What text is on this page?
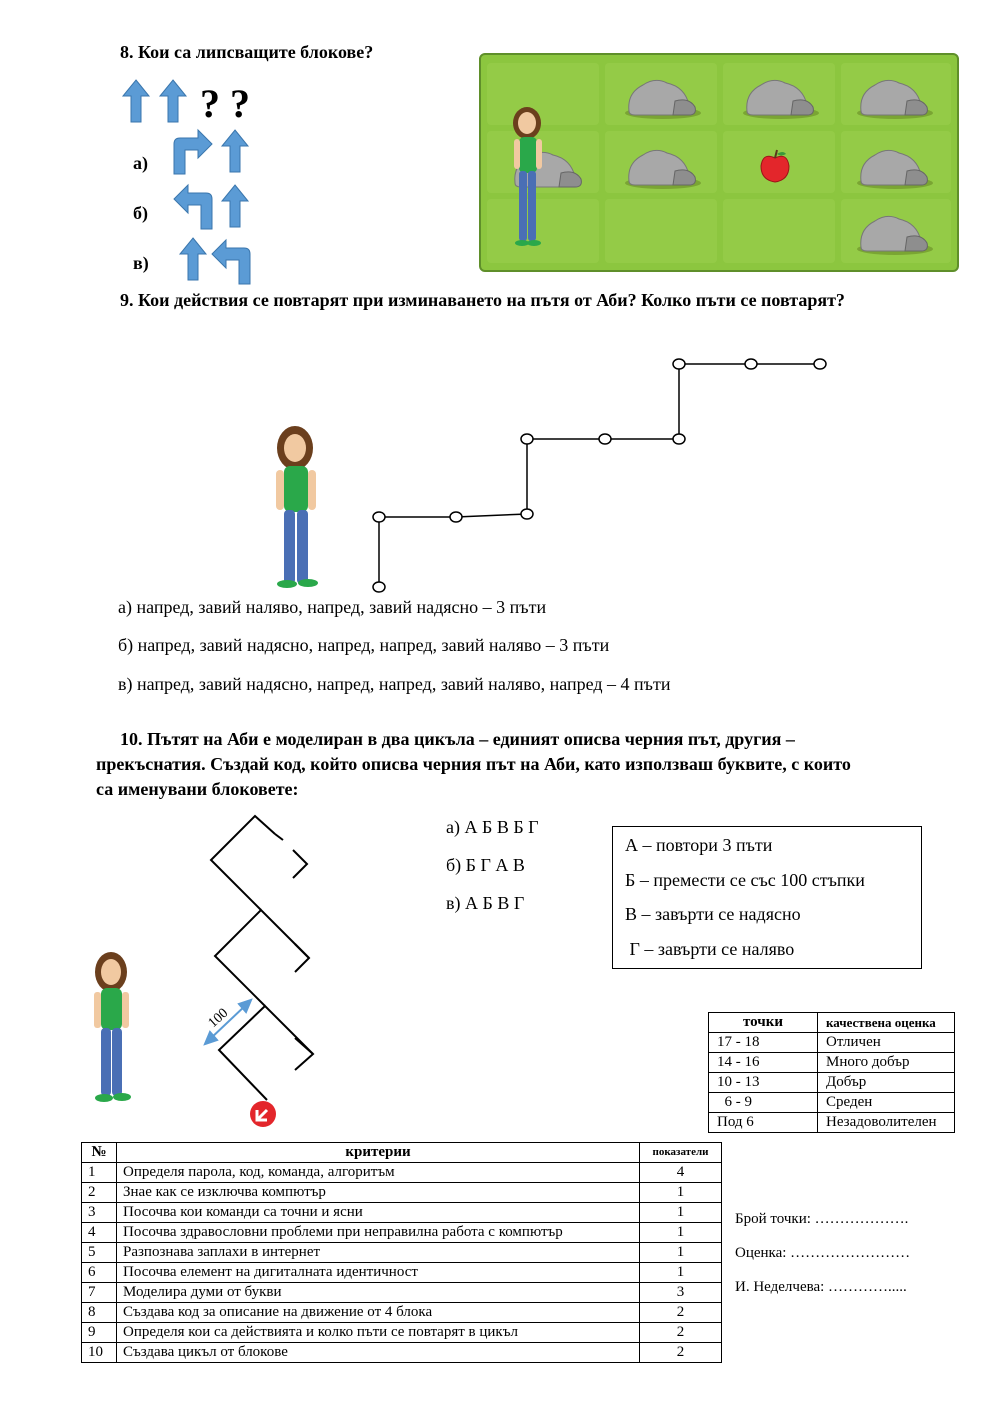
8. Кои са липсващите блокове?
? ?
а)
б)
в)
9. Кои действия се повтарят при изминаването на пътя от Аби? Колко пъти се повтарят?
а) напред, завий наляво, напред, завий надясно – 3 пъти
б) напред, завий надясно, напред, напред, завий наляво – 3 пъти
в) напред, завий надясно, напред, напред, завий наляво, напред – 4 пъти
10. Пътят на Аби е моделиран в два цикъла – единият описва черния път, другия –
прекъснатия. Създай код, който описва черния път на Аби, като използваш буквите, с които
са именувани блоковете:
100
а) А Б В Б Г
б) Б Г А В
в) А Б В Г
А – повтори 3 пъти
Б – премести се със 100 стъпки
В – завърти се надясно
Г – завърти се наляво
точки	качествена оценка
17 - 18	Отличен
14 - 16	Много добър
10 - 13	Добър
6 - 9	Среден
Под 6	Незадоволителен
№	критерии	показатели
1	Определя парола, код, команда, алгоритъм	4
2	Знае как се изключва компютър	1
3	Посочва кои команди са точни и ясни	1
4	Посочва здравословни проблеми при неправилна работа с компютър	1
5	Разпознава заплахи в интернет	1
6	Посочва елемент на дигиталната идентичност	1
7	Моделира думи от букви	3
8	Създава код за описание на движение от 4 блока	2
9	Определя кои са действията и колко пъти се повтарят в цикъл	2
10	Създава цикъл от блокове	2
Брой точки: ……………….
Оценка: ……………………
И. Неделчева: ………….....
